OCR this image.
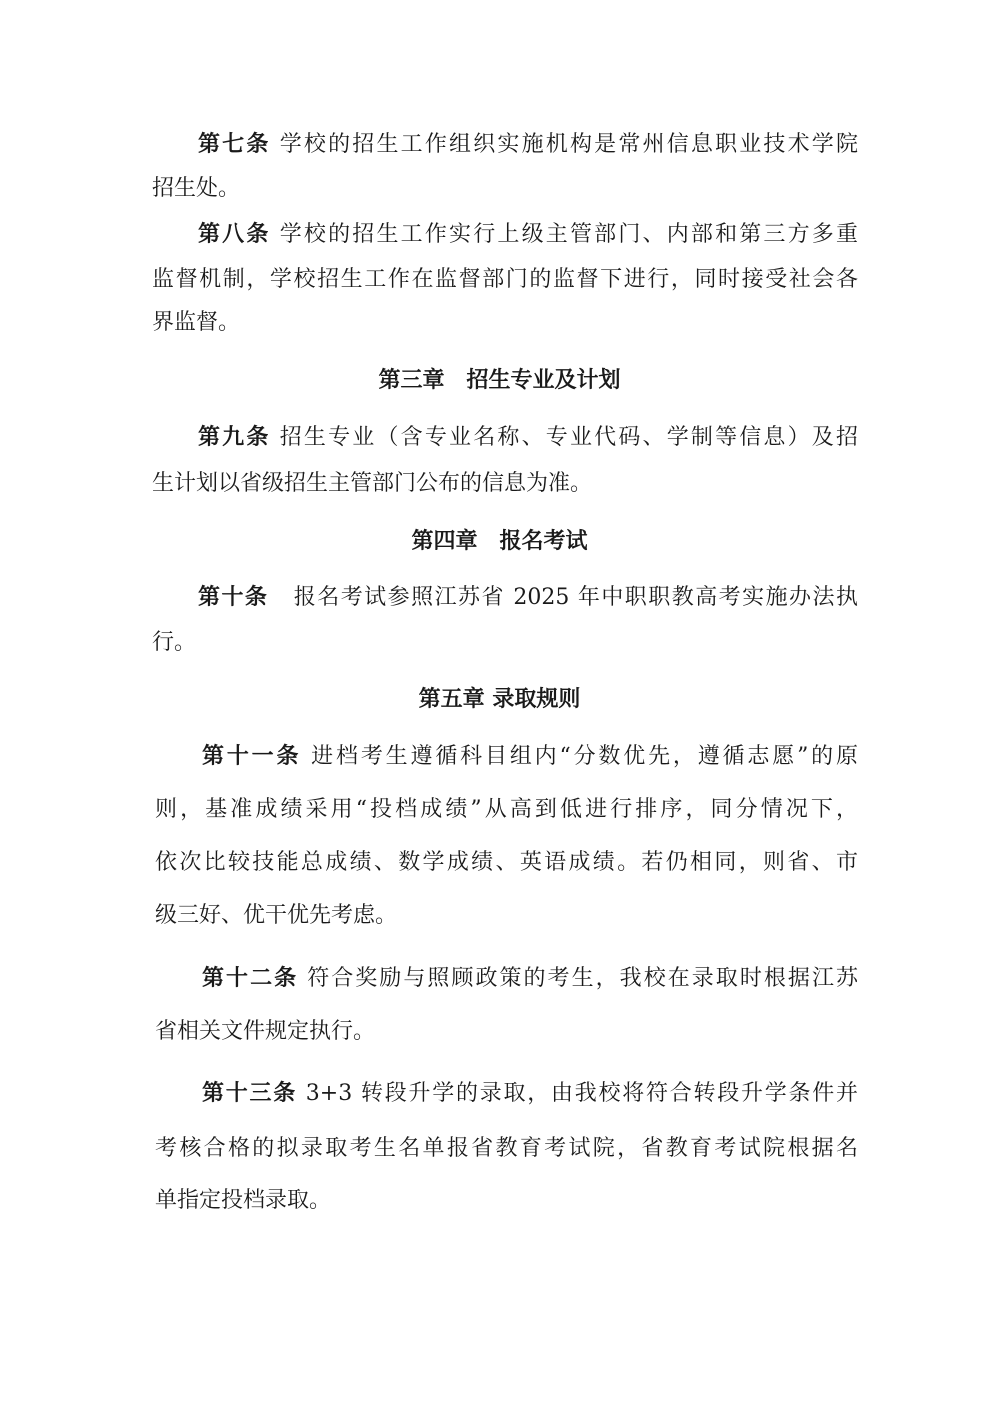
第七条 学校的招生工作组织实施机构是常州信息职业技术学院
招生处。
第八条 学校的招生工作实行上级主管部门、内部和第三方多重
监督机制，学校招生工作在监督部门的监督下进行，同时接受社会各
界监督。
第三章　招生专业及计划
第九条 招生专业（含专业名称、专业代码、学制等信息）及招
生计划以省级招生主管部门公布的信息为准。
第四章　报名考试
第十条 报名考试参照江苏省 2025 年中职职教高考实施办法执
行。
第五章 录取规则
第十一条 进档考生遵循科目组内“分数优先，遵循志愿”的原
则，基准成绩采用“投档成绩”从高到低进行排序，同分情况下，
依次比较技能总成绩、数学成绩、英语成绩。若仍相同，则省、市
级三好、优干优先考虑。
第十二条 符合奖励与照顾政策的考生，我校在录取时根据江苏
省相关文件规定执行。
第十三条 3+3 转段升学的录取，由我校将符合转段升学条件并
考核合格的拟录取考生名单报省教育考试院，省教育考试院根据名
单指定投档录取。
